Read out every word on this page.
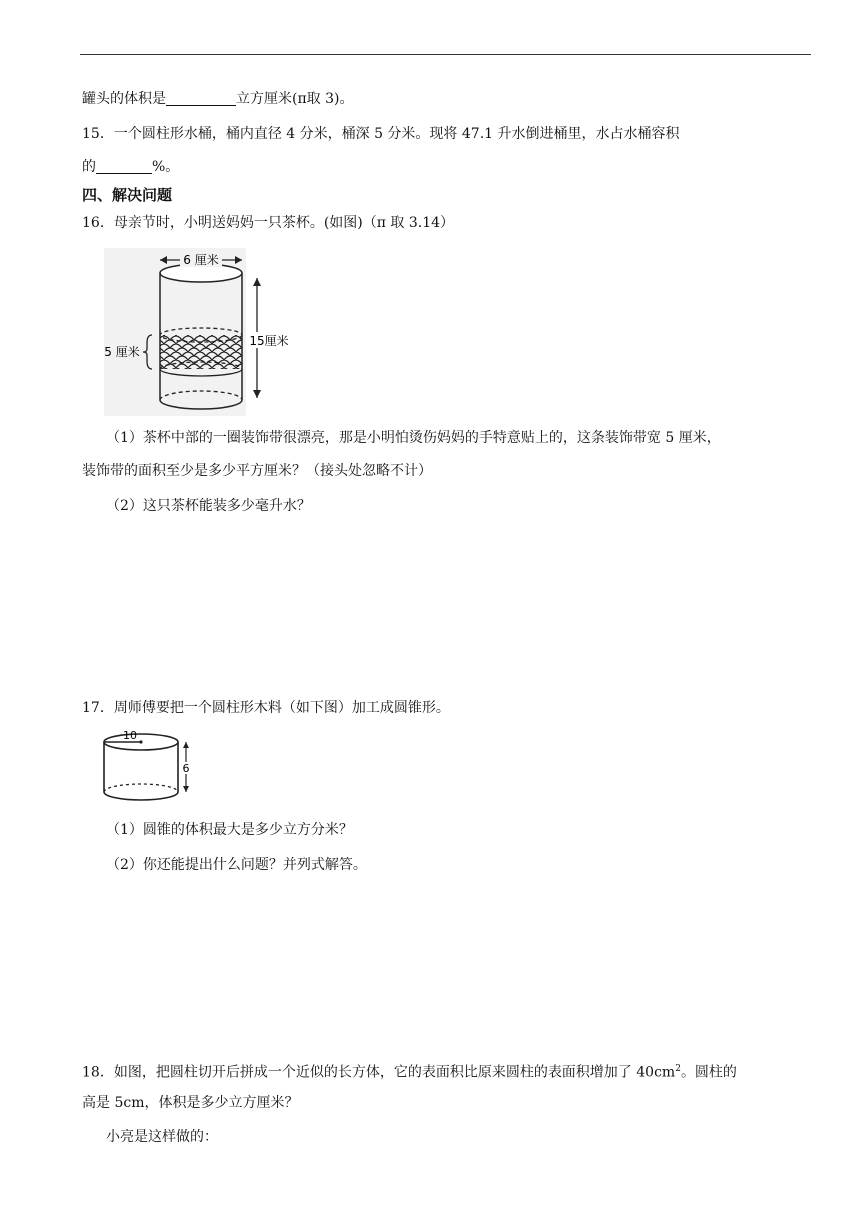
罐头的体积是	立方厘米(π取 3)。
15．一个圆柱形水桶，桶内直径 4 分米，桶深 5 分米。现将 47.1 升水倒进桶里，水占水桶容积
的	%。
四、解决问题
16．母亲节时，小明送妈妈一只茶杯。(如图)（π 取 3.14）
6 厘米
5 厘米
15厘米
（1）茶杯中部的一圈装饰带很漂亮，那是小明怕烫伤妈妈的手特意贴上的，这条装饰带宽 5 厘米，
装饰带的面积至少是多少平方厘米？（接头处忽略不计）
（2）这只茶杯能装多少毫升水？
17．周师傅要把一个圆柱形木料（如下图）加工成圆锥形。
10
6
（1）圆锥的体积最大是多少立方分米？
（2）你还能提出什么问题？并列式解答。
18．如图，把圆柱切开后拼成一个近似的长方体，它的表面积比原来圆柱的表面积增加了 $40cm^2$。圆柱的
高是 5cm，体积是多少立方厘米？
小亮是这样做的：
